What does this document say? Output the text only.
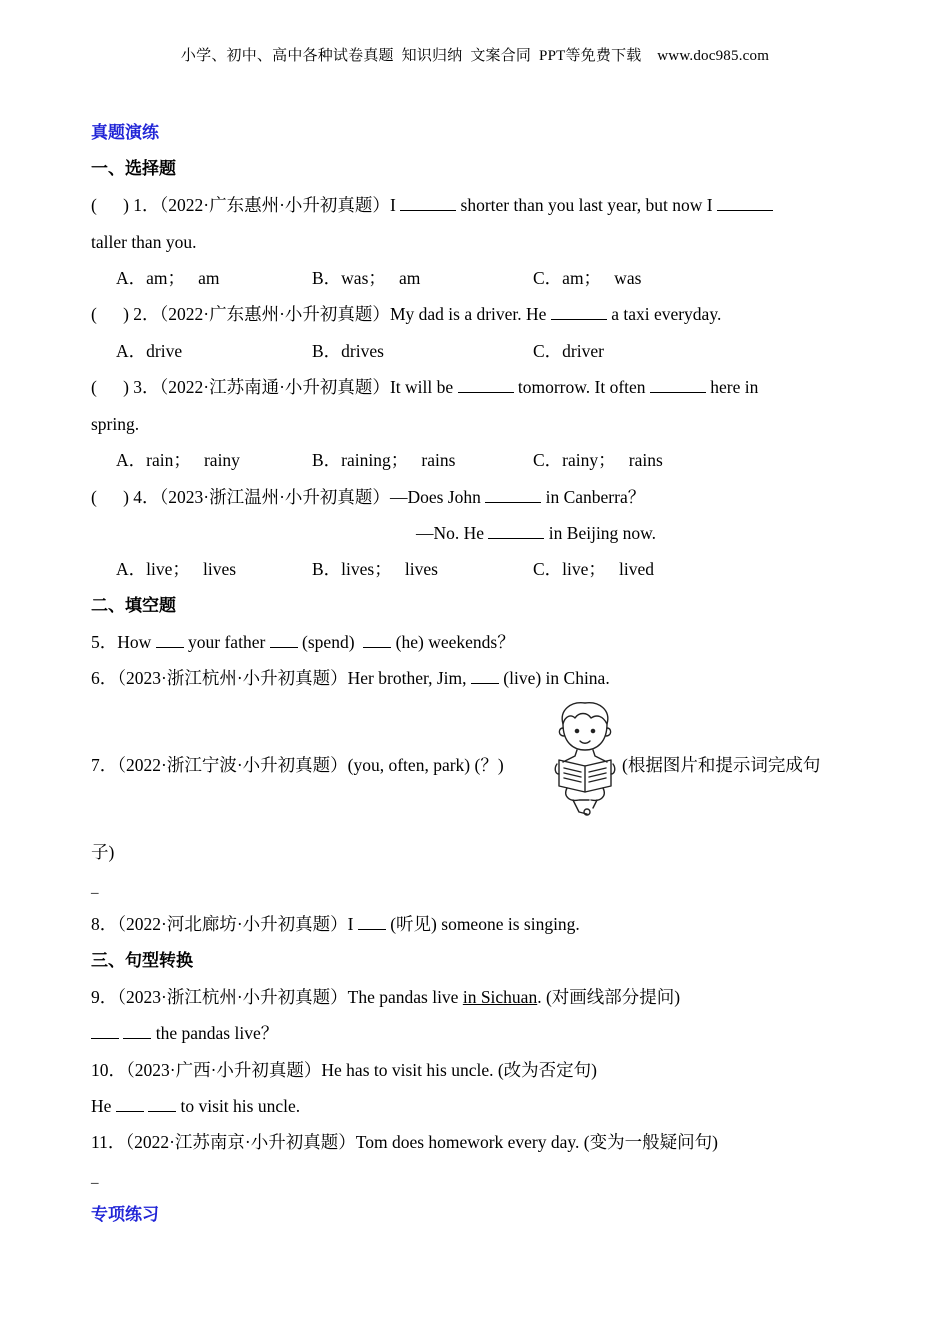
小学、初中、高中各种试卷真题  知识归纳  文案合同  PPT等免费下载    www.doc985.com
真题演练
一、选择题
(      ) 1．（2022·广东惠州·小升初真题）I	shorter than you last year, but now I
taller than you.
A．am；   am	B．was；   am	C．am；   was
(      ) 2．（2022·广东惠州·小升初真题）My dad is a driver. He	a taxi everyday.
A．drive	B．drives	C．driver
(      ) 3．（2022·江苏南通·小升初真题）It will be	tomorrow. It often	here in
spring.
A．rain；   rainy	B．raining；   rains	C．rainy；   rains
(      ) 4．（2023·浙江温州·小升初真题）—Does John	in Canberra？
—No. He	in Beijing now.
A．live；   lives	B．lives；   lives	C．live；   lived
二、填空题
5．How  your father  (spend)   (he) weekends？
6．（2023·浙江杭州·小升初真题）Her brother, Jim,  (live) in China.
7．（2022·浙江宁波·小升初真题）(you, often, park) (？)	(根据图片和提示词完成句
子)
_
8．（2022·河北廊坊·小升初真题）I  (听见) someone is singing.
三、句型转换
9．（2023·浙江杭州·小升初真题）The pandas live in Sichuan. (对画线部分提问)
the pandas live？
10．（2023·广西·小升初真题）He has to visit his uncle. (改为否定句)
He	to visit his uncle.
11．（2022·江苏南京·小升初真题）Tom does homework every day. (变为一般疑问句)
_
专项练习
